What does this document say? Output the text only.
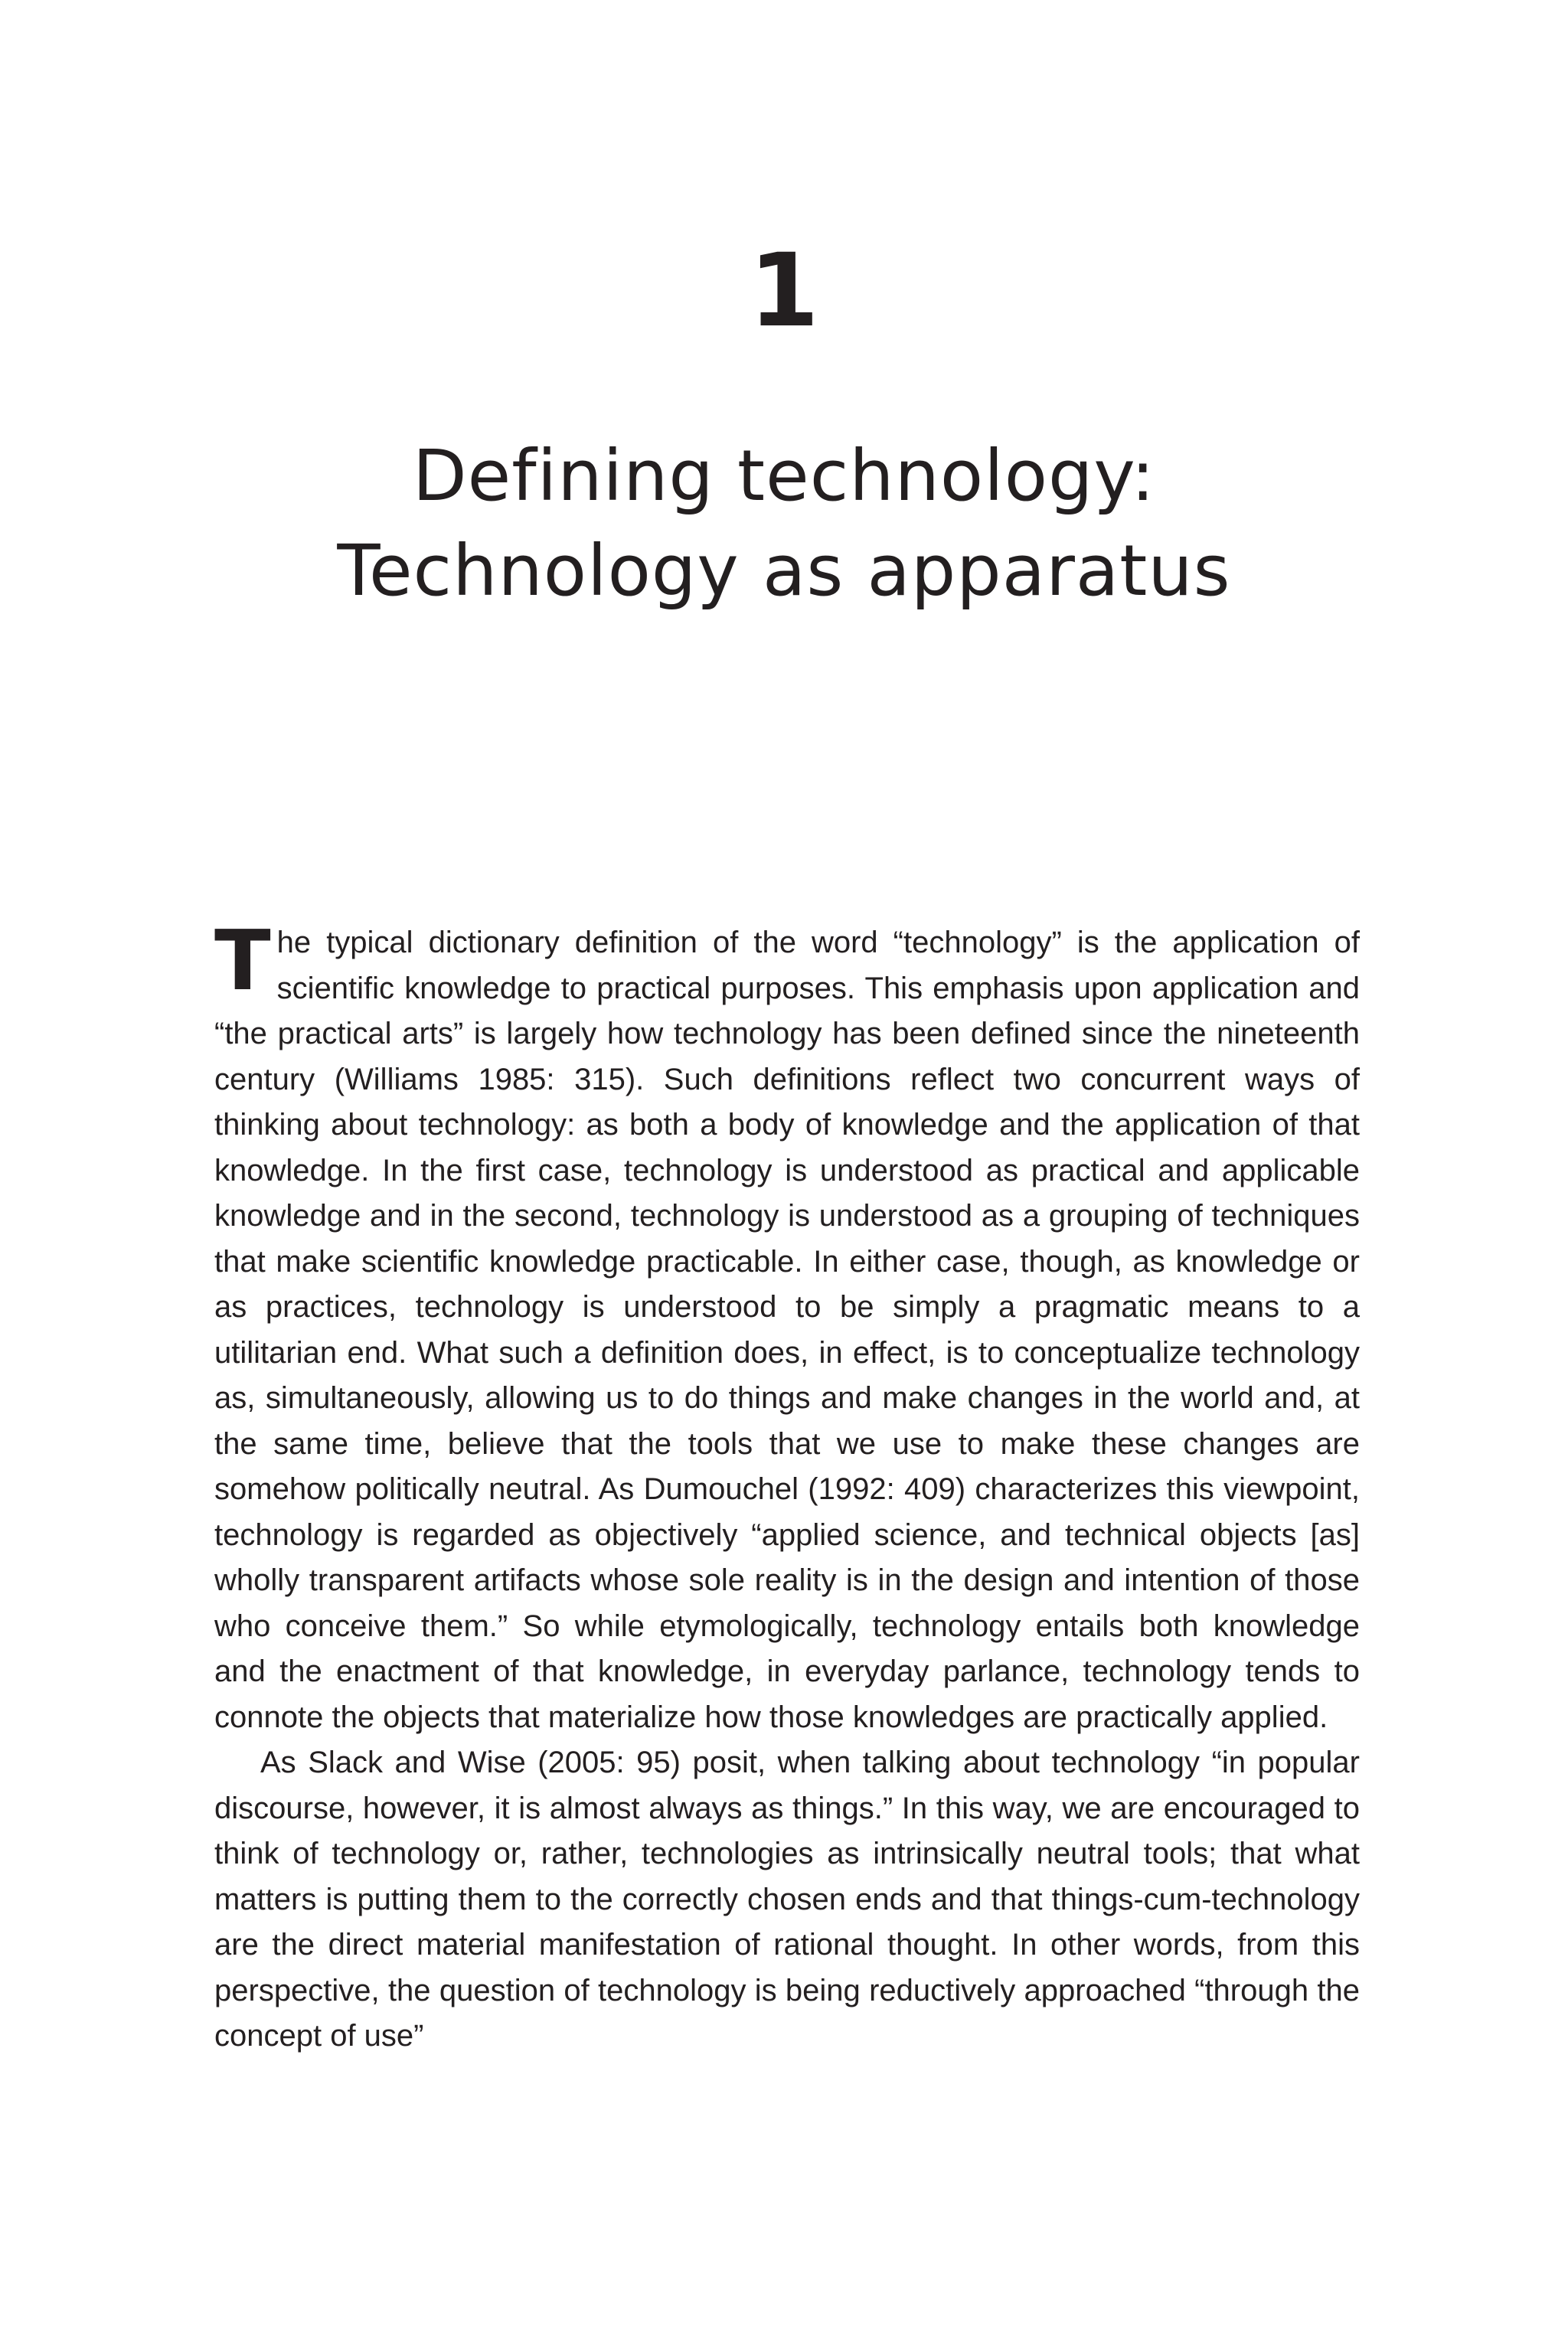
1
Defining technology:
Technology as apparatus

The typical dictionary definition of the word “technology” is the application of scientific knowledge to practical purposes. This emphasis upon application and “the practical arts” is largely how technology has been defined since the nineteenth century (Williams 1985: 315). Such definitions reflect two concurrent ways of thinking about technology: as both a body of knowledge and the application of that knowledge. In the first case, technology is understood as practical and applicable knowledge and in the second, technology is understood as a grouping of techniques that make scientific knowledge practicable. In either case, though, as knowledge or as practices, technology is understood to be simply a pragmatic means to a utilitarian end. What such a definition does, in effect, is to conceptualize technology as, simultaneously, allowing us to do things and make changes in the world and, at the same time, believe that the tools that we use to make these changes are somehow politically neutral. As Dumouchel (1992: 409) characterizes this viewpoint, technology is regarded as objectively “applied science, and technical objects [as] wholly transparent artifacts whose sole reality is in the design and intention of those who conceive them.” So while etymologically, technology entails both knowledge and the enactment of that knowledge, in everyday parlance, technology tends to connote the objects that materialize how those knowledges are practically applied.

As Slack and Wise (2005: 95) posit, when talking about technology “in popular discourse, however, it is almost always as things.” In this way, we are encouraged to think of technology or, rather, technologies as intrinsically neutral tools; that what matters is putting them to the correctly chosen ends and that things-cum-technology are the direct material manifestation of rational thought. In other words, from this perspective, the question of technology is being reductively approached “through the concept of use”
